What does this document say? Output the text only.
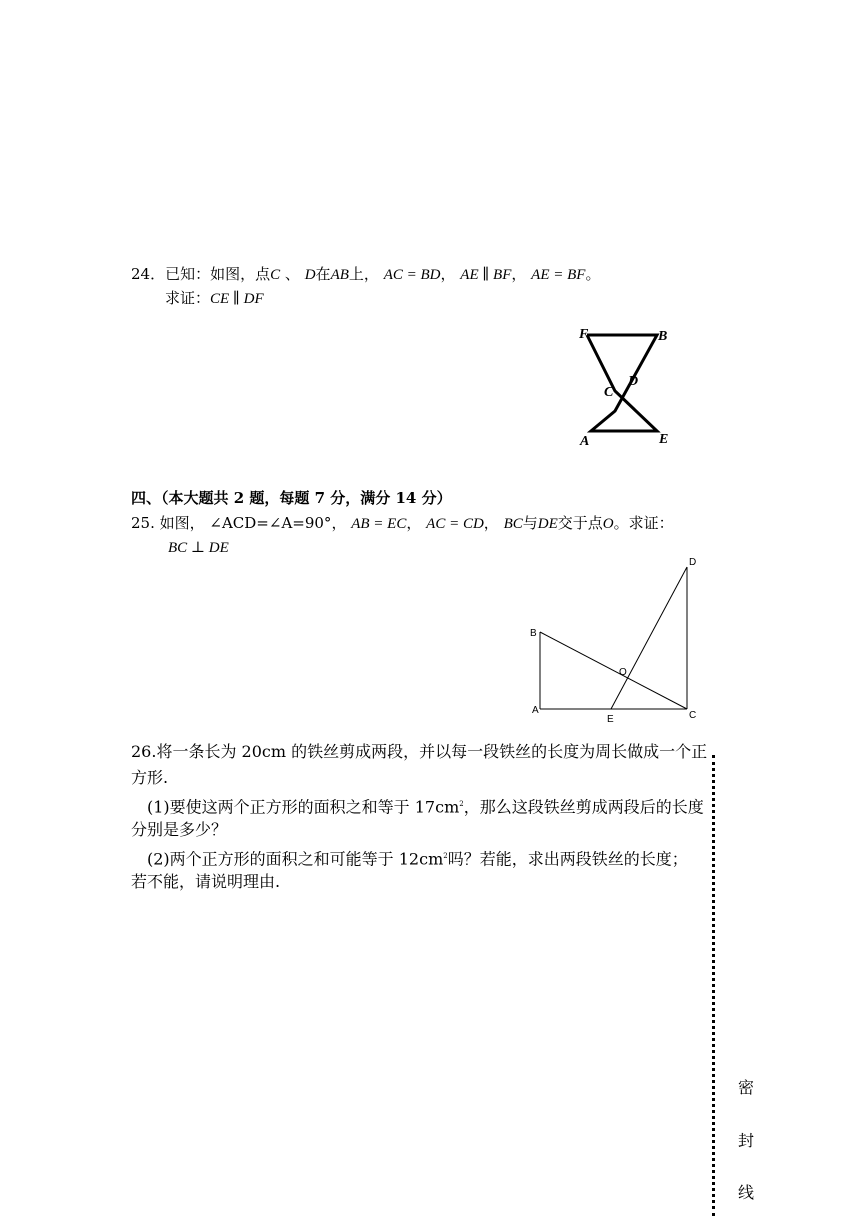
24．已知：如图，点C 、 D在AB上， AC = BD， AE ∥ BF， AE = BF。
求证：CE ∥ DF
F	B
D
C
A	E
四、（本大题共 2 题，每题 7 分，满分 14 分）
25. 如图， ∠ACD=∠A=90°， AB = EC， AC = CD， BC与DE交于点O。求证：
BC ⊥ DE
D
B
O
A
E	C
26.将一条长为 20cm 的铁丝剪成两段，并以每一段铁丝的长度为周长做成一个正
方形.
(1)要使这两个正方形的面积之和等于 $17cm^2$，那么这段铁丝剪成两段后的长度
分别是多少？
(2)两个正方形的面积之和可能等于 $12cm^2$吗？若能，求出两段铁丝的长度；
若不能，请说明理由.
密
封
线
